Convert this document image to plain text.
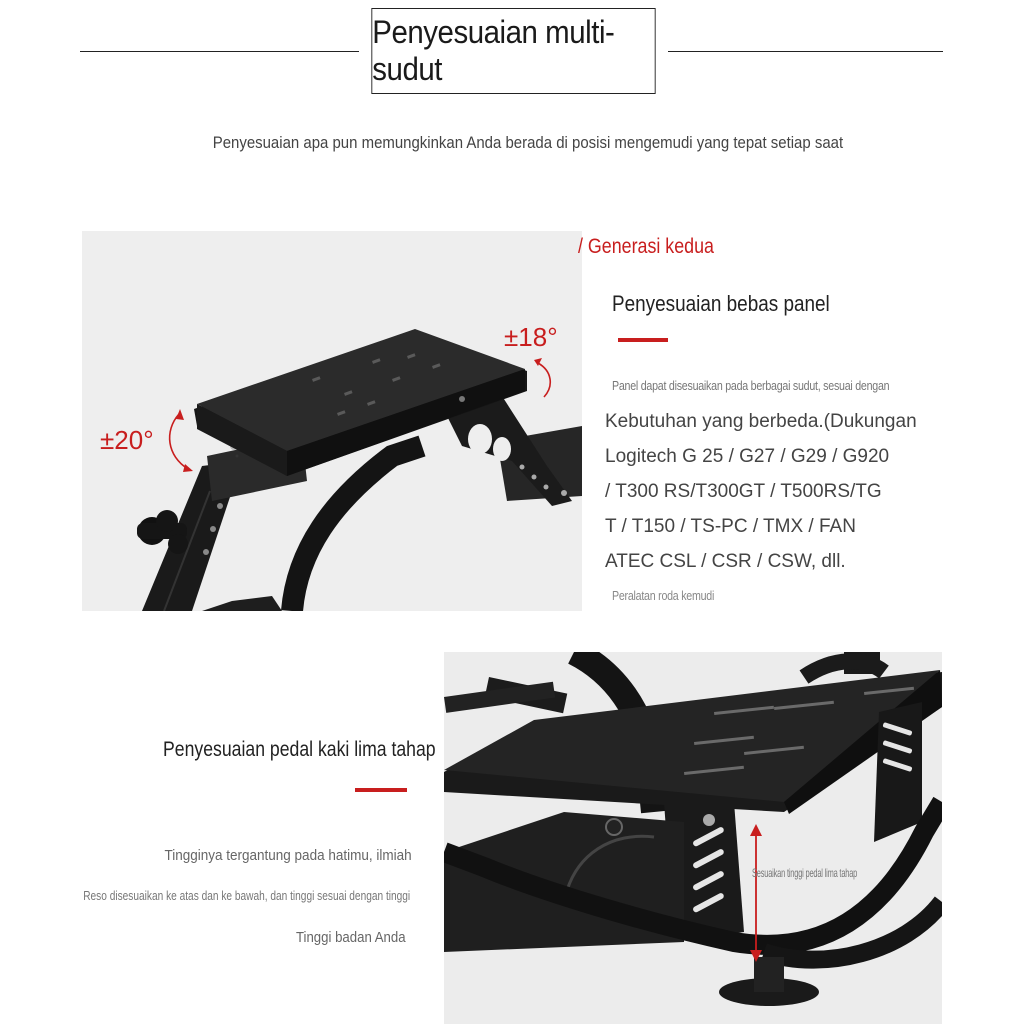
Penyesuaian multi-sudut
Penyesuaian apa pun memungkinkan Anda berada di posisi mengemudi yang tepat setiap saat
±18°
±20°
/ Generasi kedua
Penyesuaian bebas panel
Panel dapat disesuaikan pada berbagai sudut, sesuai dengan
Kebutuhan yang berbeda.(Dukungan
Logitech G 25 / G27 / G29 / G920
/ T300 RS/T300GT / T500RS/TG
T / T150 / TS-PC / TMX / FAN
ATEC CSL / CSR / CSW, dll.
Peralatan roda kemudi
Sesuaikan tinggi pedal lima tahap
Penyesuaian pedal kaki lima tahap
Tingginya tergantung pada hatimu, ilmiah
Reso disesuaikan ke atas dan ke bawah, dan tinggi sesuai dengan tinggi
Tinggi badan Anda
